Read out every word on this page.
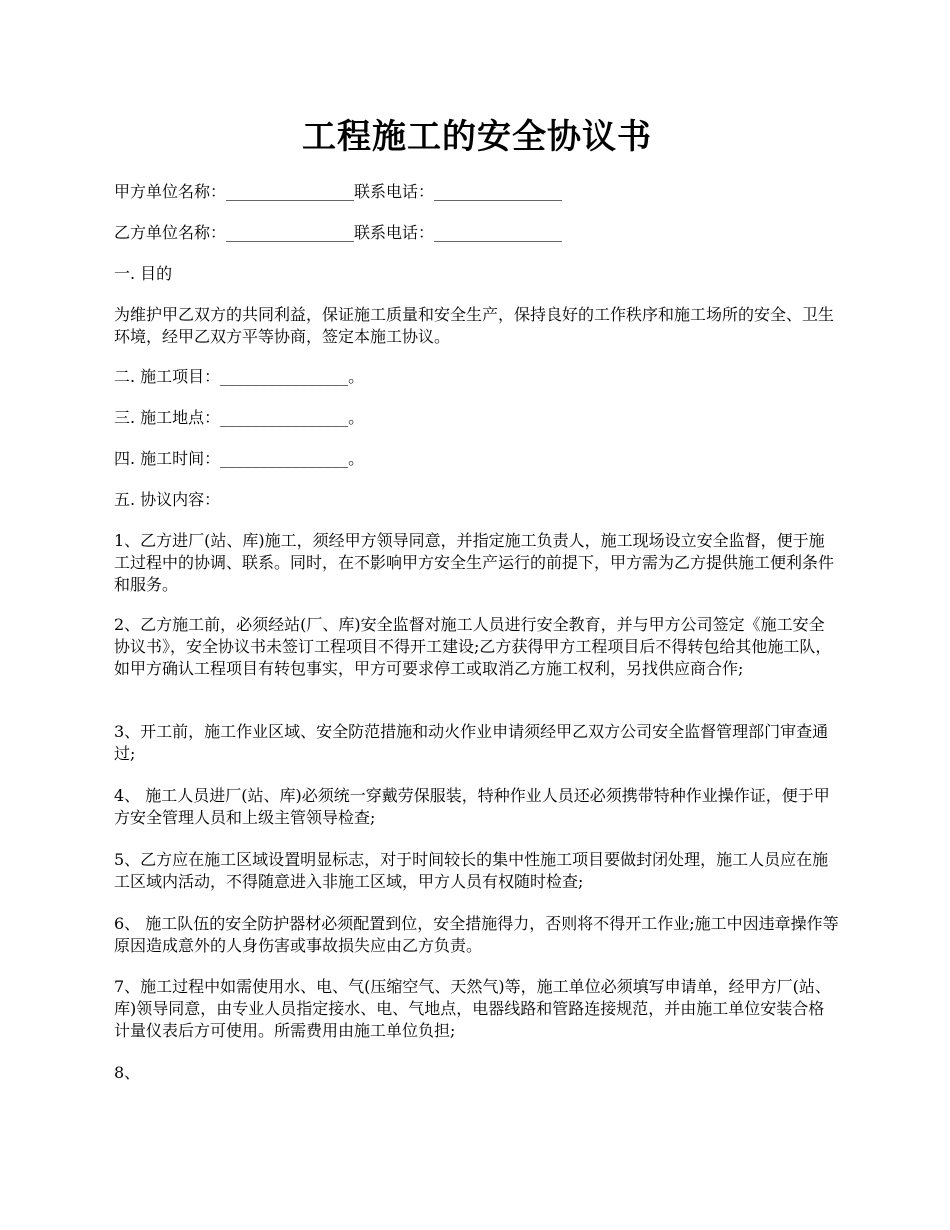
工程施工的安全协议书

甲方单位名称：________________联系电话：________________

乙方单位名称：________________联系电话：________________

一. 目的

为维护甲乙双方的共同利益，保证施工质量和安全生产，保持良好的工作秩序和施工场所的安全、卫生环境，经甲乙双方平等协商，签定本施工协议。

二. 施工项目：________________。

三. 施工地点：________________。

四. 施工时间：________________。

五. 协议内容：

1、乙方进厂(站、库)施工，须经甲方领导同意，并指定施工负责人，施工现场设立安全监督，便于施工过程中的协调、联系。同时，在不影响甲方安全生产运行的前提下，甲方需为乙方提供施工便利条件和服务。

2、乙方施工前，必须经站(厂、库)安全监督对施工人员进行安全教育，并与甲方公司签定《施工安全协议书》，安全协议书未签订工程项目不得开工建设;乙方获得甲方工程项目后不得转包给其他施工队，如甲方确认工程项目有转包事实，甲方可要求停工或取消乙方施工权利，另找供应商合作;

3、开工前，施工作业区域、安全防范措施和动火作业申请须经甲乙双方公司安全监督管理部门审查通过;

4、 施工人员进厂(站、库)必须统一穿戴劳保服装，特种作业人员还必须携带特种作业操作证，便于甲方安全管理人员和上级主管领导检查;

5、乙方应在施工区域设置明显标志，对于时间较长的集中性施工项目要做封闭处理，施工人员应在施工区域内活动，不得随意进入非施工区域，甲方人员有权随时检查;

6、 施工队伍的安全防护器材必须配置到位，安全措施得力，否则将不得开工作业;施工中因违章操作等原因造成意外的人身伤害或事故损失应由乙方负责。

7、施工过程中如需使用水、电、气(压缩空气、天然气)等，施工单位必须填写申请单，经甲方厂(站、库)领导同意，由专业人员指定接水、电、气地点，电器线路和管路连接规范，并由施工单位安装合格计量仪表后方可使用。所需费用由施工单位负担;

8、
